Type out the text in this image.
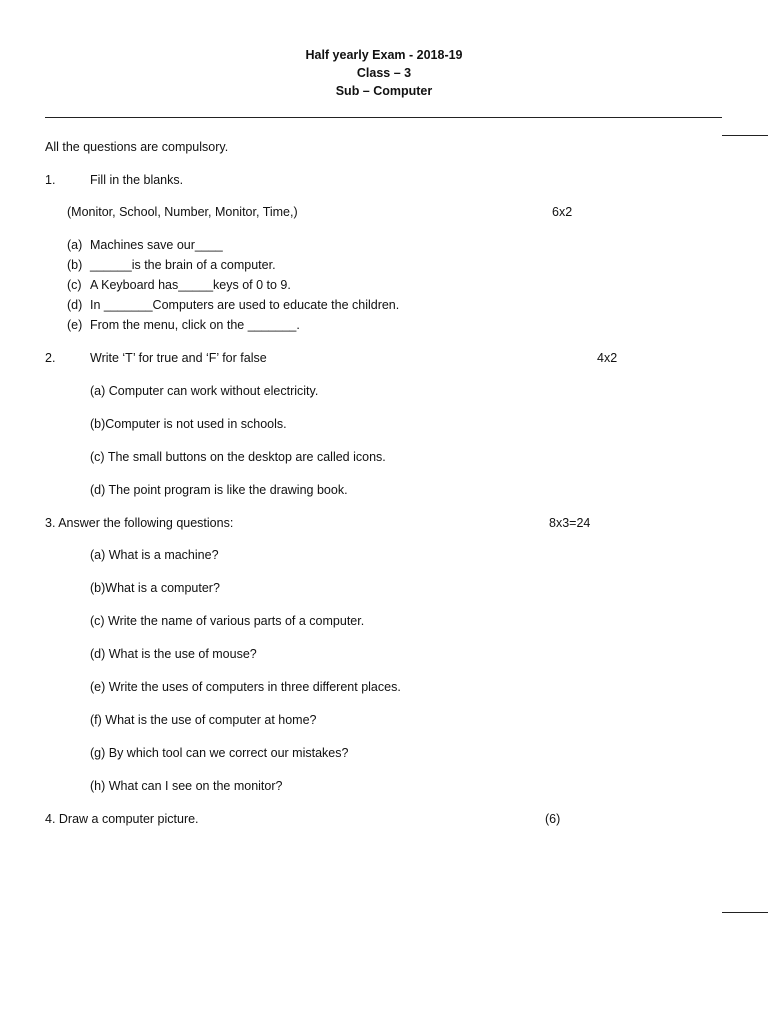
Half yearly Exam - 2018-19
Class – 3
Sub – Computer
All the questions are compulsory.
1.	Fill in the blanks.
(Monitor, School, Number, Monitor, Time,)	6x2
(a) Machines save our____
(b) ______is the brain of a computer.
(c) A Keyboard has_____keys of 0 to 9.
(d) In _______Computers are used to educate the children.
(e) From the menu, click on the _______.
2.	Write ‘T’ for true and ‘F’ for false	4x2
(a) Computer can work without electricity.
(b)Computer is not used in schools.
(c) The small buttons on the desktop are called icons.
(d) The point program is like the drawing book.
3. Answer the following questions:	8x3=24
(a) What is a machine?
(b)What is a computer?
(c) Write the name of various parts of a computer.
(d) What is the use of mouse?
(e) Write the uses of computers in three different places.
(f) What is the use of computer at home?
(g) By which tool can we correct our mistakes?
(h) What can I see on the monitor?
4. Draw a computer picture.	(6)
